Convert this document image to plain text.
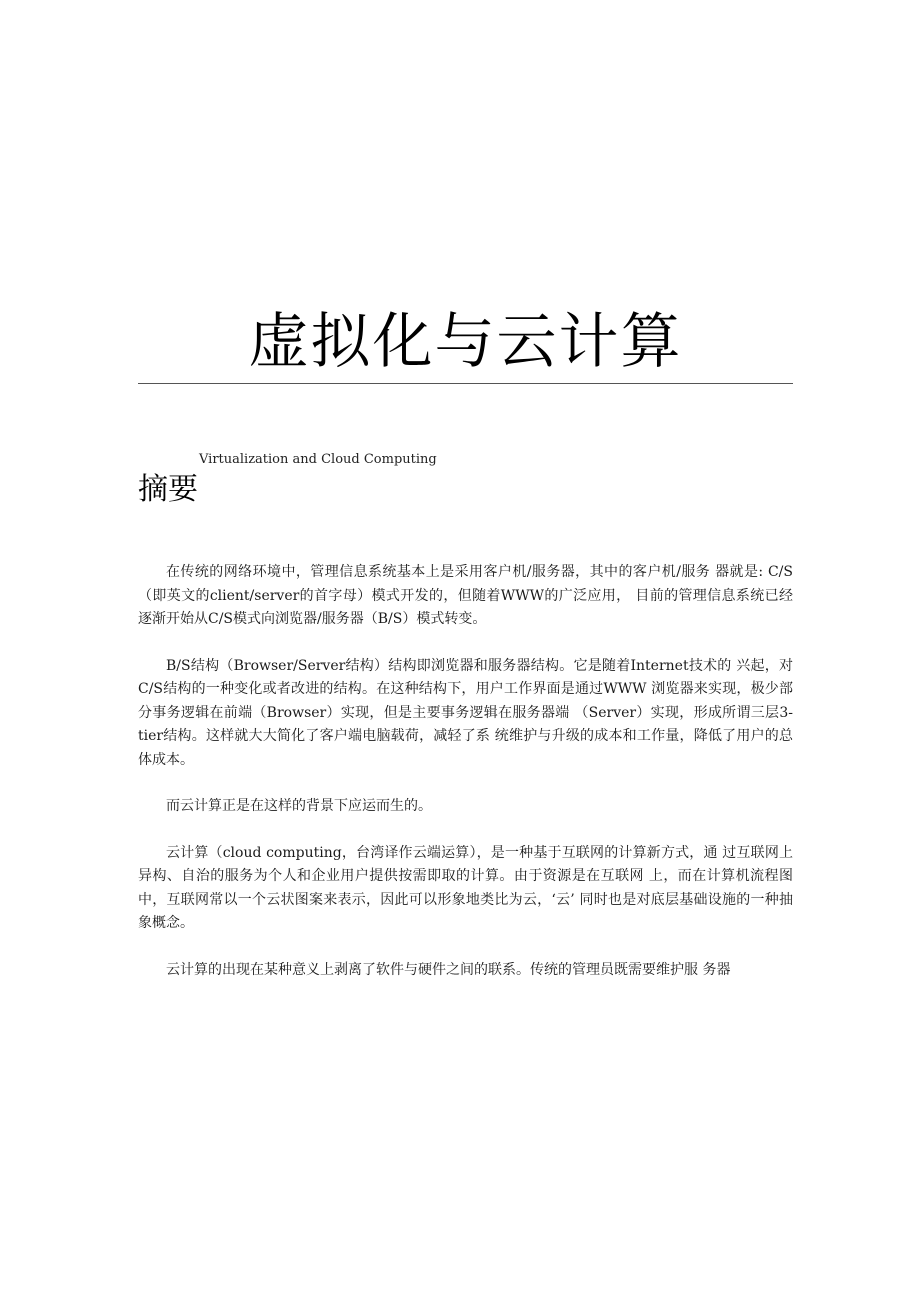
虚拟化与云计算
Virtualization and Cloud Computing
摘要

在传统的网络环境中，管理信息系统基本上是采用客户机/服务器，其中的客户机/服务 器就是: C/S（即英文的client/server的首字母）模式开发的，但随着WWW的广泛应用， 目前的管理信息系统已经逐渐开始从C/S模式向浏览器/服务器（B/S）模式转变。

B/S结构（Browser/Server结构）结构即浏览器和服务器结构。它是随着Internet技术的 兴起，对C/S结构的一种变化或者改进的结构。在这种结构下，用户工作界面是通过WWW 浏览器来实现，极少部分事务逻辑在前端（Browser）实现，但是主要事务逻辑在服务器端 （Server）实现，形成所谓三层3-tier结构。这样就大大简化了客户端电脑载荷，减轻了系 统维护与升级的成本和工作量，降低了用户的总体成本。

而云计算正是在这样的背景下应运而生的。

云计算（cloud computing，台湾译作云端运算），是一种基于互联网的计算新方式，通 过互联网上异构、自治的服务为个人和企业用户提供按需即取的计算。由于资源是在互联网 上，而在计算机流程图中，互联网常以一个云状图案来表示，因此可以形象地类比为云，‘云’ 同时也是对底层基础设施的一种抽象概念。

云计算的出现在某种意义上剥离了软件与硬件之间的联系。传统的管理员既需要维护服 务器
